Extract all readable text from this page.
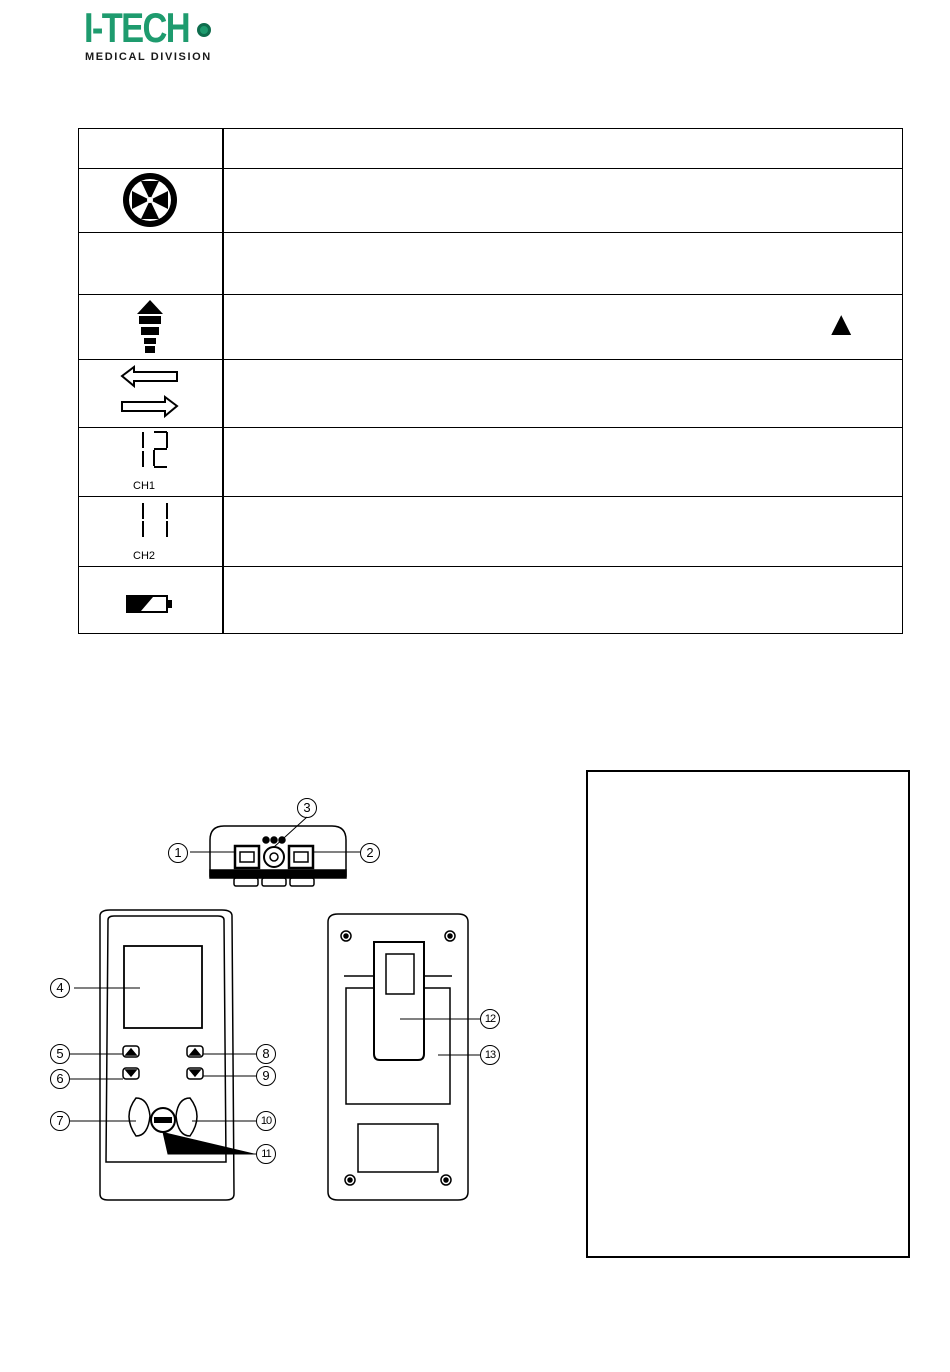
I-TECH
MEDICAL DIVISION
▲
CH1
CH2
1	2
3
4
5
6
7
8
9
10
11
12
13
